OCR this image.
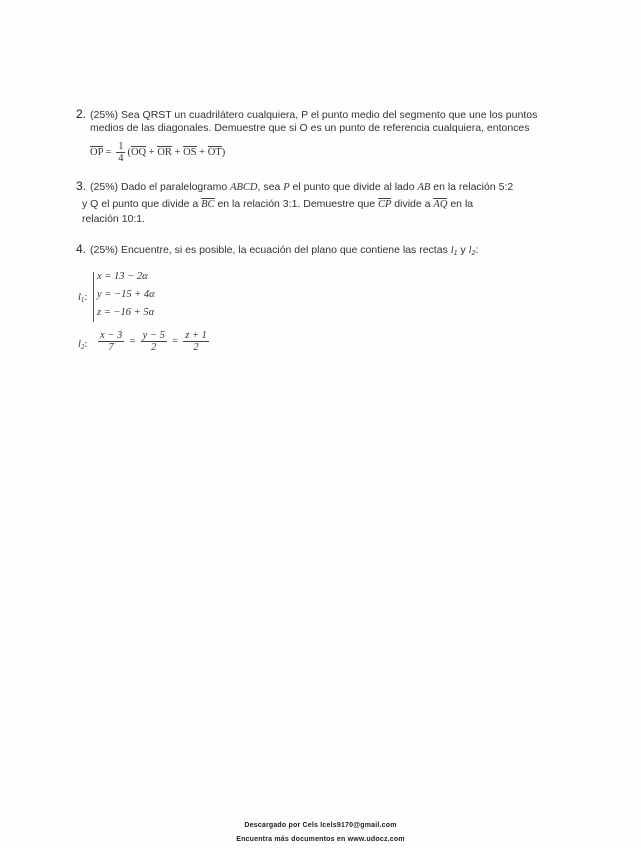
2. (25%) Sea QRST un cuadrilátero cualquiera, P el punto medio del segmento que une los puntos
medios de las diagonales. Demuestre que si O es un punto de referencia cualquiera, entonces
OP = $\frac{1}{4} (OQ$ + OR + OS + OT)
3. (25%) Dado el paralelogramo ABCD, sea P el punto que divide al lado AB en la relación 5:2
y Q el punto que divide a BC en la relación 3:1. Demuestre que CP divide a AQ en la
relación 10:1.
4. (25%) Encuentre, si es posible, la ecuación del plano que contiene las rectas $l_1$ y $l_2$:
$l_1$:
x = 13 − 2α
y = −15 + 4α
z = −16 + 5α
$l_2$: $\frac{x - 3}{7} = \frac{y - 5}{2} = \frac{z + 1}{2}$
Descargado por Cels Icels9170@gmail.com
Encuentra más documentos en www.udocz.com
